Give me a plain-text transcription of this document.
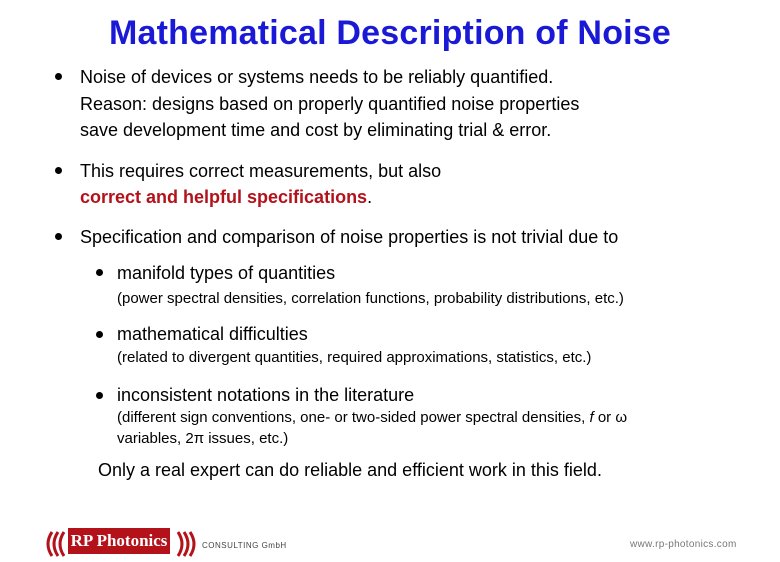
Mathematical Description of Noise
Noise of devices or systems needs to be reliably quantified.
Reason: designs based on properly quantified noise properties
save development time and cost by eliminating trial & error.
This requires correct measurements, but also
correct and helpful specifications.
Specification and comparison of noise properties is not trivial due to
manifold types of quantities
(power spectral densities, correlation functions, probability distributions, etc.)
mathematical difficulties
(related to divergent quantities, required approximations, statistics, etc.)
inconsistent notations in the literature
(different sign conventions, one- or two-sided power spectral densities, f or ω
variables, 2π issues, etc.)
Only a real expert can do reliable and efficient work in this field.
RP Photonics	CONSULTING GmbH	www.rp-photonics.com
